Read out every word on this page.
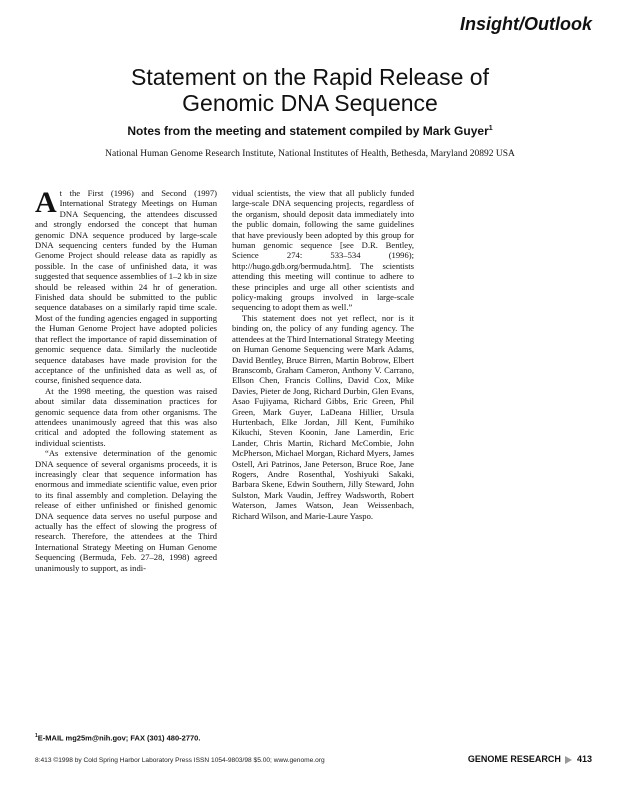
Insight/Outlook
Statement on the Rapid Release of
Genomic DNA Sequence
Notes from the meeting and statement compiled by Mark Guyer$^1$
National Human Genome Research Institute, National Institutes of Health, Bethesda, Maryland 20892 USA

At the First (1996) and Second (1997) International Strategy Meetings on Human DNA Sequencing, the attendees discussed and strongly endorsed the concept that human genomic DNA sequence produced by large-scale DNA sequencing centers funded by the Human Genome Project should release data as rapidly as possible. In the case of unfinished data, it was suggested that sequence assemblies of 1–2 kb in size should be released within 24 hr of generation. Finished data should be submitted to the public sequence databases on a similarly rapid time scale. Most of the funding agencies engaged in supporting the Human Genome Project have adopted policies that reflect the importance of rapid dissemination of genomic sequence data. Similarly the nucleotide sequence databases have made provision for the acceptance of the unfinished data as well as, of course, finished sequence data.

At the 1998 meeting, the question was raised about similar data dissemination practices for genomic sequence data from other organisms. The attendees unanimously agreed that this was also critical and adopted the following statement as individual scientists.

“As extensive determination of the genomic DNA sequence of several organisms proceeds, it is increasingly clear that sequence information has enormous and immediate scientific value, even prior to its final assembly and completion. Delaying the release of either unfinished or finished genomic DNA sequence data serves no useful purpose and actually has the effect of slowing the progress of research. Therefore, the attendees at the Third International Strategy Meeting on Human Genome Sequencing (Bermuda, Feb. 27–28, 1998) agreed unanimously to support, as indi-

vidual scientists, the view that all publicly funded large-scale DNA sequencing projects, regardless of the organism, should deposit data immediately into the public domain, following the same guidelines that have previously been adopted by this group for human genomic sequence [see D.R. Bentley, Science 274: 533–534 (1996); http://hugo.gdb.org/bermuda.htm]. The scientists attending this meeting will continue to adhere to these principles and urge all other scientists and policy-making groups involved in large-scale sequencing to adopt them as well.”

This statement does not yet reflect, nor is it binding on, the policy of any funding agency. The attendees at the Third International Strategy Meeting on Human Genome Sequencing were Mark Adams, David Bentley, Bruce Birren, Martin Bobrow, Elbert Branscomb, Graham Cameron, Anthony V. Carrano, Ellson Chen, Francis Collins, David Cox, Mike Davies, Pieter de Jong, Richard Durbin, Glen Evans, Asao Fujiyama, Richard Gibbs, Eric Green, Phil Green, Mark Guyer, LaDeana Hillier, Ursula Hurtenbach, Elke Jordan, Jill Kent, Fumihiko Kikuchi, Steven Koonin, Jane Lamerdin, Eric Lander, Chris Martin, Richard McCombie, John McPherson, Michael Morgan, Richard Myers, James Ostell, Ari Patrinos, Jane Peterson, Bruce Roe, Jane Rogers, Andre Rosenthal, Yoshiyuki Sakaki, Barbara Skene, Edwin Southern, Jilly Steward, John Sulston, Mark Vaudin, Jeffrey Wadsworth, Robert Waterson, James Watson, Jean Weissenbach, Richard Wilson, and Marie-Laure Yaspo.

$^1$E-MAIL mg25m@nih.gov; FAX (301) 480-2770.
8:413 ©1998 by Cold Spring Harbor Laboratory Press ISSN 1054-9803/98 $5.00; www.genome.org	GENOME RESEARCH 413
